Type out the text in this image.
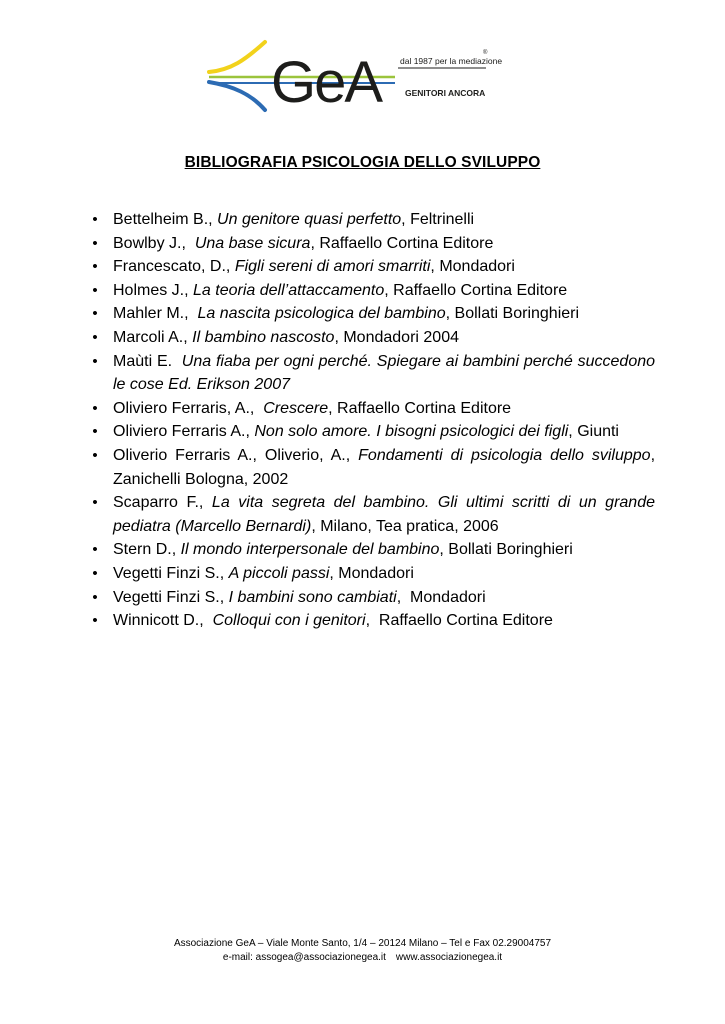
GeA dal 1987 per la mediazione
®
GENITORI ANCORA
BIBLIOGRAFIA PSICOLOGIA DELLO SVILUPPO
• Bettelheim B., Un genitore quasi perfetto, Feltrinelli
• Bowlby J.,  Una base sicura, Raffaello Cortina Editore
• Francescato, D., Figli sereni di amori smarriti, Mondadori
• Holmes J., La teoria dell’attaccamento, Raffaello Cortina Editore
• Mahler M.,  La nascita psicologica del bambino, Bollati Boringhieri
• Marcoli A., Il bambino nascosto, Mondadori 2004
• Maùti E.  Una fiaba per ogni perché. Spiegare ai bambini perché succedono le cose Ed. Erikson 2007
• Oliviero Ferraris, A.,  Crescere, Raffaello Cortina Editore
• Oliviero Ferraris A., Non solo amore. I bisogni psicologici dei figli, Giunti
• Oliverio Ferraris A., Oliverio, A., Fondamenti di psicologia dello sviluppo, Zanichelli Bologna, 2002
• Scaparro F., La vita segreta del bambino. Gli ultimi scritti di un grande pediatra (Marcello Bernardi), Milano, Tea pratica, 2006
• Stern D., Il mondo interpersonale del bambino, Bollati Boringhieri
• Vegetti Finzi S., A piccoli passi, Mondadori
• Vegetti Finzi S., I bambini sono cambiati,  Mondadori
• Winnicott D.,  Colloqui con i genitori,  Raffaello Cortina Editore
Associazione GeA – Viale Monte Santo, 1/4 – 20124 Milano – Tel e Fax 02.29004757
e-mail: assogea@associazionegea.it www.associazionegea.it
